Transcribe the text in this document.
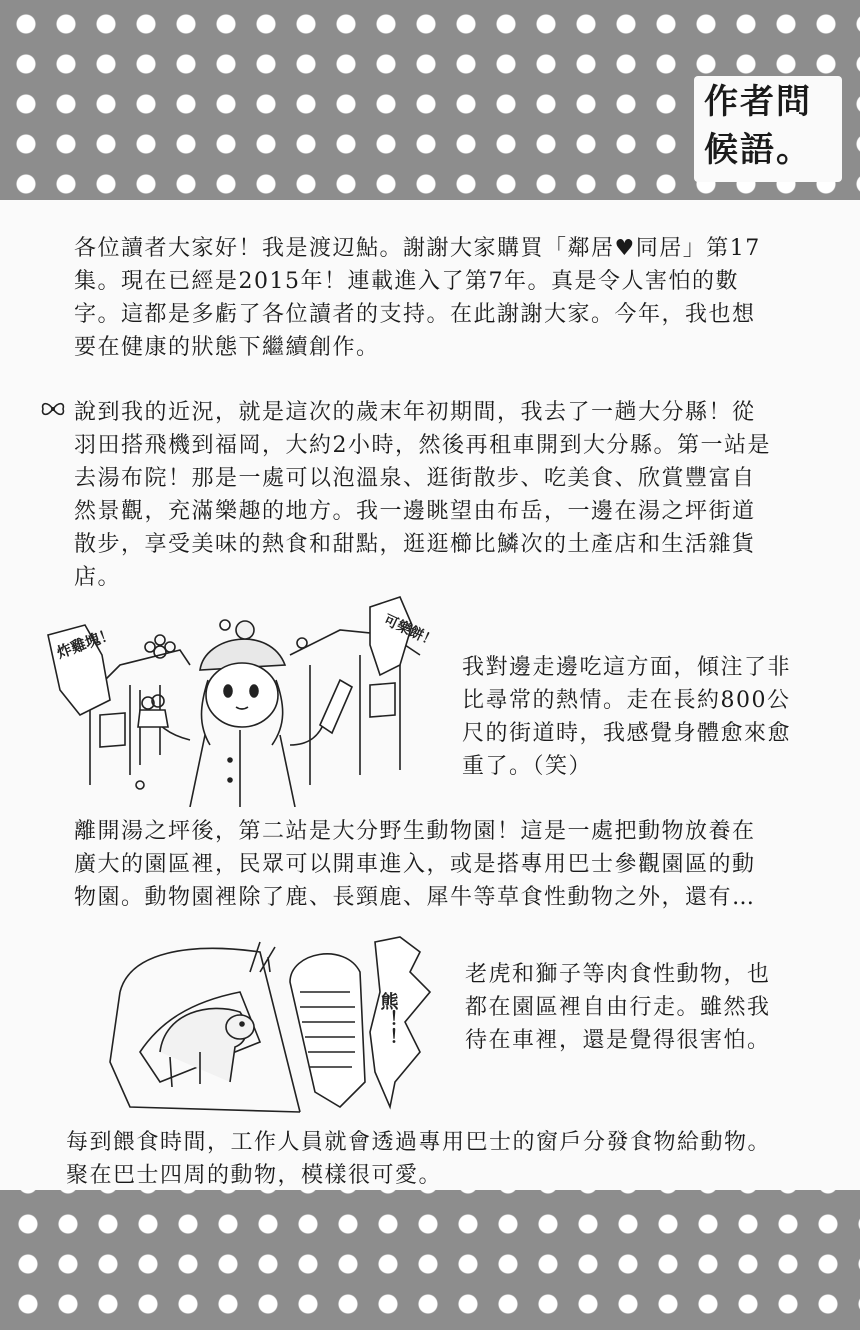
作者問
候語。

各位讀者大家好！我是渡辺鮎。謝謝大家購買「鄰居♥同居」第17集。現在已經是2015年！連載進入了第7年。真是令人害怕的數字。這都是多虧了各位讀者的支持。在此謝謝大家。今年，我也想要在健康的狀態下繼續創作。

說到我的近況，就是這次的歲末年初期間，我去了一趟大分縣！從羽田搭飛機到福岡，大約2小時，然後再租車開到大分縣。第一站是去湯布院！那是一處可以泡溫泉、逛街散步、吃美食、欣賞豐富自然景觀，充滿樂趣的地方。我一邊眺望由布岳，一邊在湯之坪街道散步，享受美味的熱食和甜點，逛逛櫛比鱗次的土產店和生活雜貨店。

炸雞塊！	可樂餅！

我對邊走邊吃這方面，傾注了非比尋常的熱情。走在長約800公尺的街道時，我感覺身體愈來愈重了。（笑）

離開湯之坪後，第二站是大分野生動物園！這是一處把動物放養在廣大的園區裡，民眾可以開車進入，或是搭專用巴士參觀園區的動物園。動物園裡除了鹿、長頸鹿、犀牛等草食性動物之外，還有…

熊！！

老虎和獅子等肉食性動物，也都在園區裡自由行走。雖然我待在車裡，還是覺得很害怕。

每到餵食時間，工作人員就會透過專用巴士的窗戶分發食物給動物。聚在巴士四周的動物，模樣很可愛。
